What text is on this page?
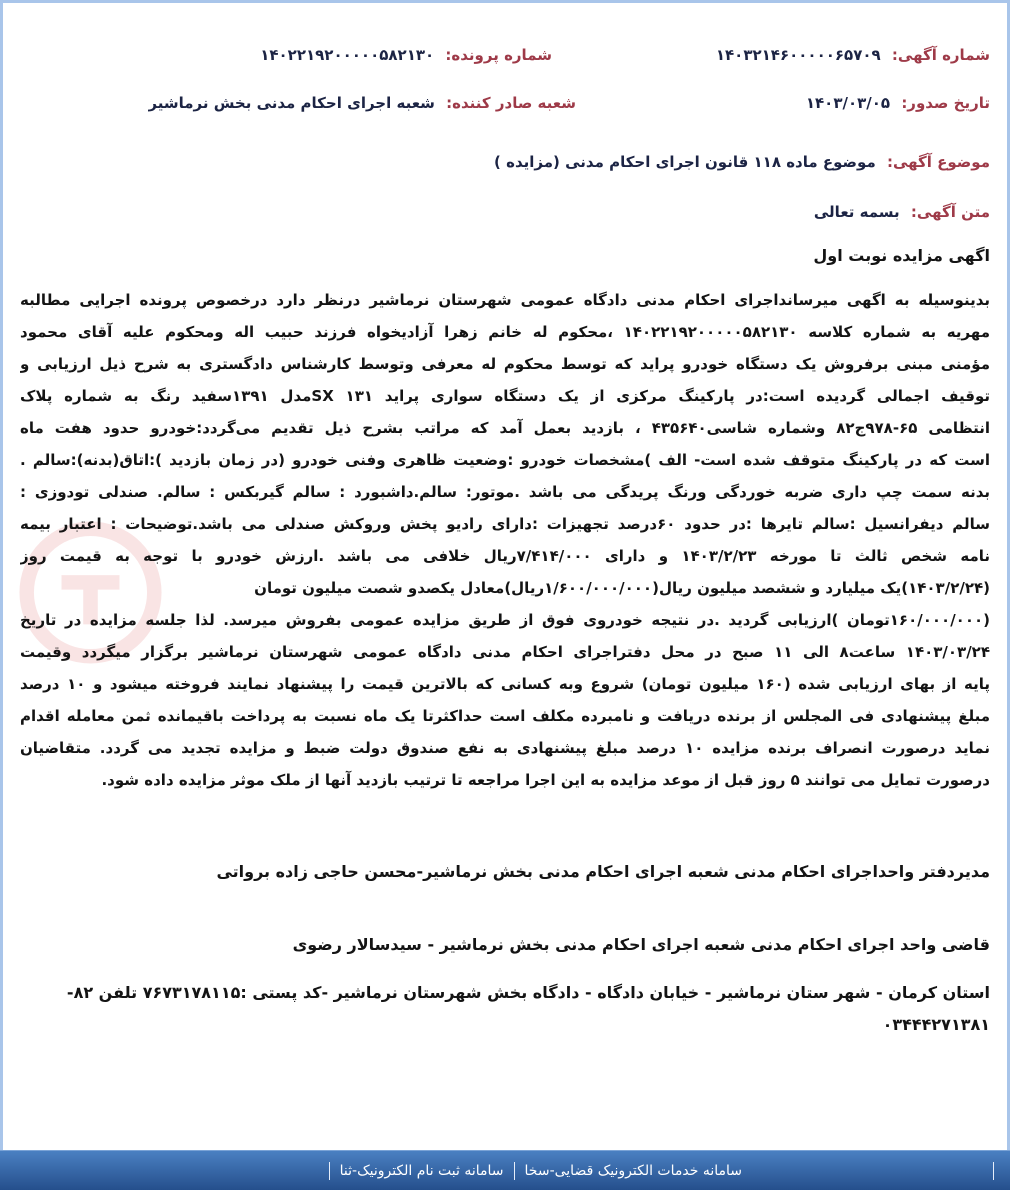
شماره آگهی: ۱۴۰۳۲۱۴۶۰۰۰۰۰۶۵۷۰۹
شماره پرونده: ۱۴۰۲۲۱۹۲۰۰۰۰۰۵۸۲۱۳۰
تاریخ صدور: ۱۴۰۳/۰۳/۰۵
شعبه صادر کننده: شعبه اجرای احکام مدنی بخش نرماشیر
موضوع آگهی: موضوع ماده ۱۱۸ قانون اجرای احکام مدنی (مزایده )
متن آگهی: بسمه تعالی
اگهی مزایده نوبت اول
بدینوسیله به اگهی میرسانداجرای احکام مدنی دادگاه عمومی شهرستان نرماشیر درنظر دارد درخصوص پرونده اجرایی مطالبه
مهریه به شماره کلاسه ۱۴۰۲۲۱۹۲۰۰۰۰۰۵۸۲۱۳۰ ،محکوم له خانم زهرا آزادیخواه فرزند حبیب اله ومحکوم علیه آقای محمود
مؤمنی مبنی برفروش یک دستگاه خودرو پراید که توسط محکوم له معرفی وتوسط کارشناس دادگستری به شرح ذیل ارزیابی و
توقیف اجمالی گردیده است:در پارکینگ مرکزی از یک دستگاه سواری پراید ۱۳۱ SXمدل ۱۳۹۱سفید رنگ به شماره پلاک
انتظامی ۶۵-۹۷۸ج۸۲ وشماره شاسی۴۳۵۶۴۰ ، بازدید بعمل آمد که مراتب بشرح ذیل تقدیم می‌گردد:خودرو حدود هفت ماه
است که در پارکینگ متوقف شده است- الف )مشخصات خودرو :وضعیت ظاهری وفنی خودرو (در زمان بازدید ):اتاق(بدنه):سالم .
بدنه سمت چپ داری ضربه خوردگی ورنگ پریدگی می باشد .موتور: سالم.داشبورد : سالم گیربکس : سالم. صندلی تودوزی :
سالم دیفرانسیل :سالم تایرها :در حدود ۶۰درصد تجهیزات :دارای رادیو پخش وروکش صندلی می باشد.توضیحات : اعتبار بیمه
نامه شخص ثالث تا مورخه ۱۴۰۳/۲/۲۳ و دارای ۷/۴۱۴/۰۰۰ریال خلافی می باشد .ارزش خودرو با توجه به قیمت روز
(۱۴۰۳/۲/۲۴)یک میلیارد و ششصد میلیون ریال(۱/۶۰۰/۰۰۰/۰۰۰ریال)معادل یکصدو شصت میلیون تومان
(۱۶۰/۰۰۰/۰۰۰تومان )ارزیابی گردید .در نتیجه خودروی فوق از طریق مزایده عمومی بفروش میرسد. لذا جلسه مزایده در تاریخ
۱۴۰۳/۰۳/۲۴ ساعت۸ الی ۱۱ صبح در محل دفتراجرای احکام مدنی دادگاه عمومی شهرستان نرماشیر برگزار میگردد وقیمت
پایه از بهای ارزیابی شده (۱۶۰ میلیون تومان) شروع وبه کسانی که بالاترین قیمت را پیشنهاد نمایند فروخته میشود و ۱۰ درصد
مبلغ پیشنهادی فی المجلس از برنده دریافت و نامبرده مکلف است حداکثرتا یک ماه نسبت به پرداخت باقیمانده ثمن معامله اقدام
نماید درصورت انصراف برنده مزایده ۱۰ درصد مبلغ پیشنهادی به نفع صندوق دولت ضبط و مزایده تجدید می گردد. متقاضیان
درصورت تمایل می توانند ۵ روز قبل از موعد مزایده به این اجرا مراجعه تا ترتیب بازدید آنها از ملک موثر مزایده داده شود.
مدیردفتر واحداجرای احکام مدنی شعبه اجرای احکام مدنی بخش نرماشیر-محسن حاجی زاده برواتی
قاضی واحد اجرای احکام مدنی شعبه اجرای احکام مدنی بخش نرماشیر - سیدسالار رضوی
استان کرمان - شهر ستان نرماشیر - خیابان دادگاه - دادگاه بخش شهرستان نرماشیر -کد پستی :۷۶۷۳۱۷۸۱۱۵ تلفن ۸۲-
۰۳۴۴۴۲۷۱۳۸۱
سامانه خدمات الکترونیک قضایی-سخا
سامانه ثبت نام الکترونیک-ثنا
